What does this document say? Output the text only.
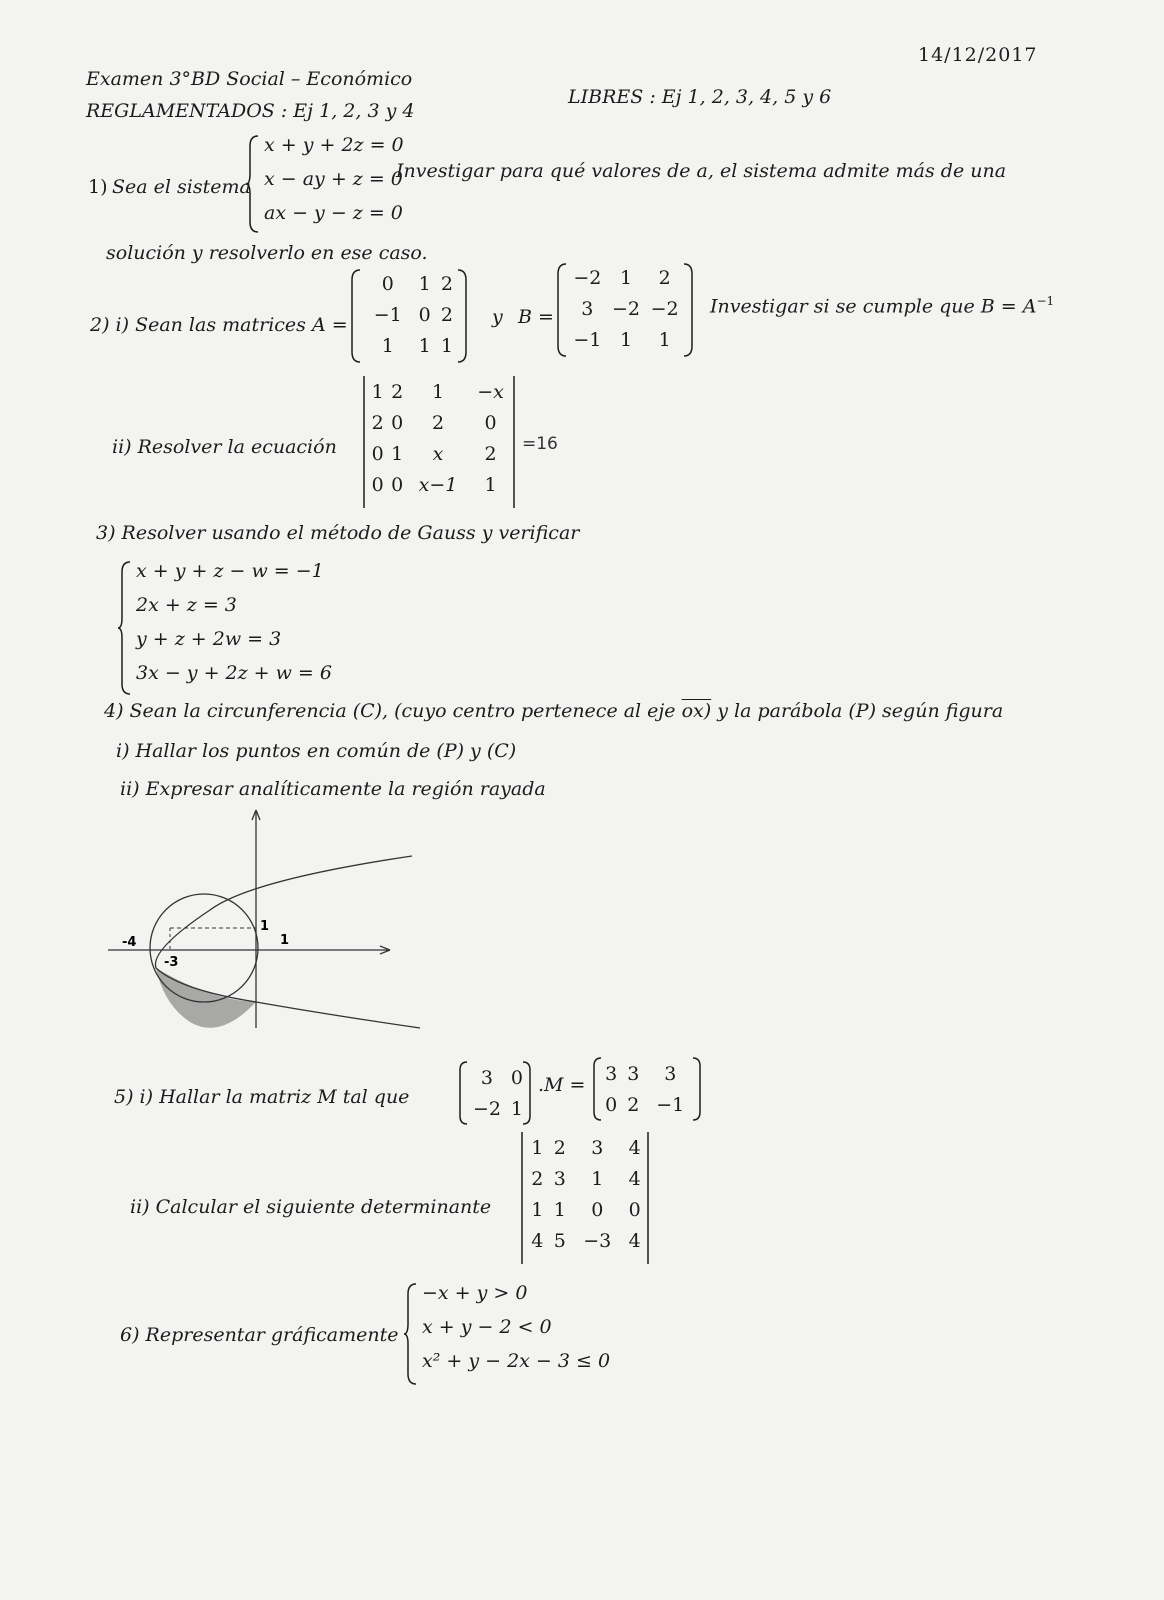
Examen 3°BD Social – Económico
14/12/2017
REGLAMENTADOS : Ej 1, 2, 3 y 4
LIBRES : Ej 1, 2, 3, 4, 5 y 6
1) Sea el sistema
x + y + 2z = 0
x − ay + z = 0
ax − y − z = 0
Investigar para qué valores de a, el sistema admite más de una
solución y resolverlo en ese caso.
2) i) Sean las matrices A =
0	1	2
−1	0	2
1	1	1
y B =
−2	1	2
3	−2	−2
−1	1	1
Investigar si se cumple que $B = A^{-1}$
ii) Resolver la ecuación
1	2	1	−x
2	0	2	0
0	1	x	2
0	0	x−1	1
=16
3) Resolver usando el método de Gauss y verificar
x + y + z − w = −1
2x + z = 3
y + z + 2w = 3
3x − y + 2z + w = 6
4) Sean la circunferencia (C), (cuyo centro pertenece al eje ox) y la parábola (P) según figura
i) Hallar los puntos en común de (P) y (C)
ii) Expresar analíticamente la región rayada
-4
-3
1
1
5) i) Hallar la matriz M tal que
3	0
−2	1
.M =
3	3	3
0	2	−1
ii) Calcular el siguiente determinante
1	2	3	4
2	3	1	4
1	1	0	0
4	5	−3	4
6) Representar gráficamente
−x + y > 0
x + y − 2 < 0
x² + y − 2x − 3 ≤ 0
